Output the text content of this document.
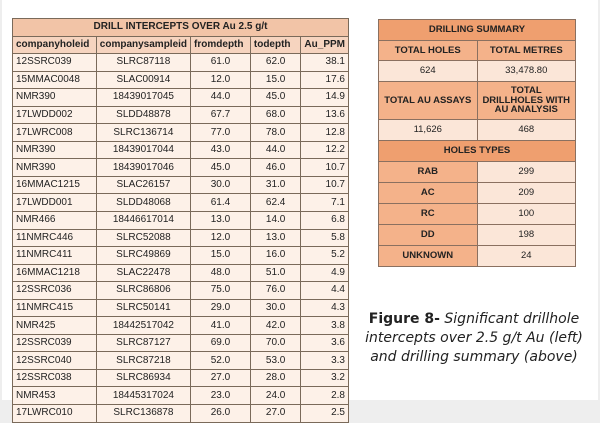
DRILL INTERCEPTS OVER Au 2.5 g/t				
companyholeid	companysampleid	fromdepth	todepth	Au_PPM
12SSRC039	SLRC87118	61.0	62.0	38.1
15MMAC0048	SLAC00914	12.0	15.0	17.6
NMR390	18439017045	44.0	45.0	14.9
17LWDD002	SLDD48878	67.7	68.0	13.6
17LWRC008	SLRC136714	77.0	78.0	12.8
NMR390	18439017044	43.0	44.0	12.2
NMR390	18439017046	45.0	46.0	10.7
16MMAC1215	SLAC26157	30.0	31.0	10.7
17LWDD001	SLDD48068	61.4	62.4	7.1
NMR466	18446617014	13.0	14.0	6.8
11NMRC446	SLRC52088	12.0	13.0	5.8
11NMRC411	SLRC49869	15.0	16.0	5.2
16MMAC1218	SLAC22478	48.0	51.0	4.9
12SSRC036	SLRC86806	75.0	76.0	4.4
11NMRC415	SLRC50141	29.0	30.0	4.3
NMR425	18442517042	41.0	42.0	3.8
12SSRC039	SLRC87127	69.0	70.0	3.6
12SSRC040	SLRC87218	52.0	53.0	3.3
12SSRC038	SLRC86934	27.0	28.0	3.2
NMR453	18445317024	23.0	24.0	2.8
17LWRC010	SLRC136878	26.0	27.0	2.5
DRILLING SUMMARY	
TOTAL HOLES	TOTAL METRES
624	33,478.80
TOTAL AU ASSAYS	TOTAL DRILLHOLES WITH AU ANALYSIS
11,626	468
HOLES TYPES	
RAB	299
AC	209
RC	100
DD	198
UNKNOWN	24
Figure 8- Significant drillhole intercepts over 2.5 g/t Au (left) and drilling summary (above)
